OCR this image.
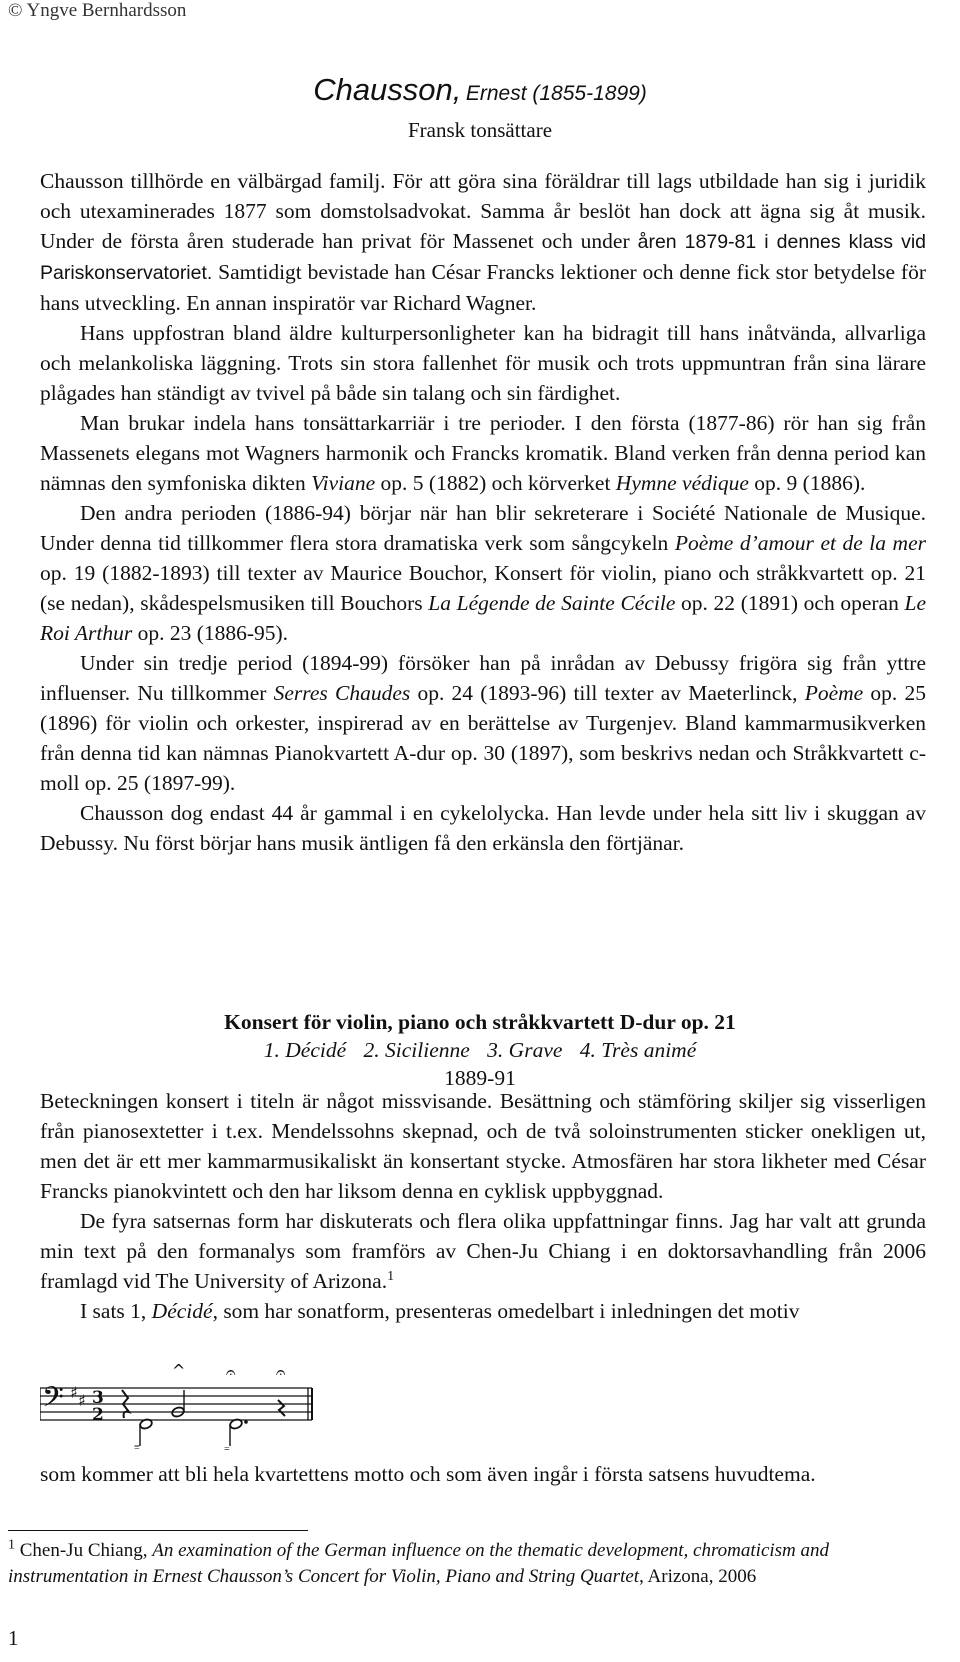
© Yngve Bernhardsson
Chausson, Ernest (1855-1899)
Fransk tonsättare

Chausson tillhörde en välbärgad familj. För att göra sina föräldrar till lags utbildade han sig i juridik och utexaminerades 1877 som domstolsadvokat. Samma år beslöt han dock att ägna sig åt musik. Under de första åren studerade han privat för Massenet och under åren 1879-81 i dennes klass vid Pariskonservatoriet. Samtidigt bevistade han César Francks lektioner och denne fick stor betydelse för hans utveckling. En annan inspiratör var Richard Wagner.

Hans uppfostran bland äldre kulturpersonligheter kan ha bidragit till hans inåtvända, allvarliga och melankoliska läggning. Trots sin stora fallenhet för musik och trots uppmuntran från sina lärare plågades han ständigt av tvivel på både sin talang och sin färdighet.

Man brukar indela hans tonsättarkarriär i tre perioder. I den första (1877-86) rör han sig från Massenets elegans mot Wagners harmonik och Francks kromatik. Bland verken från denna period kan nämnas den symfoniska dikten Viviane op. 5 (1882) och körverket Hymne védique op. 9 (1886).

Den andra perioden (1886-94) börjar när han blir sekreterare i Société Nationale de Musique. Under denna tid tillkommer flera stora dramatiska verk som sångcykeln Poème d’amour et de la mer op. 19 (1882-1893) till texter av Maurice Bouchor, Konsert för violin, piano och stråkkvartett op. 21 (se nedan), skådespelsmusiken till Bouchors La Légende de Sainte Cécile op. 22 (1891) och operan Le Roi Arthur op. 23 (1886-95).

Under sin tredje period (1894-99) försöker han på inrådan av Debussy frigöra sig från yttre influenser. Nu tillkommer Serres Chaudes op. 24 (1893-96) till texter av Maeterlinck, Poème op. 25 (1896) för violin och orkester, inspirerad av en berättelse av Turgenjev. Bland kammarmusikverken från denna tid kan nämnas Pianokvartett A-dur op. 30 (1897), som beskrivs nedan och Stråkkvartett c-moll op. 25 (1897-99).

Chausson dog endast 44 år gammal i en cykelolycka. Han levde under hela sitt liv i skuggan av Debussy. Nu först börjar hans musik äntligen få den erkänsla den förtjänar.

Konsert för violin, piano och stråkkvartett D-dur op. 21
1. Décidé 2. Sicilienne 3. Grave 4. Très animé
1889-91

Beteckningen konsert i titeln är något missvisande. Besättning och stämföring skiljer sig visserligen från pianosextetter i t.ex. Mendelssohns skepnad, och de två soloinstrumenten sticker onekligen ut, men det är ett mer kammarmusikaliskt än konsertant stycke. Atmosfären har stora likheter med César Francks pianokvintett och den har liksom denna en cyklisk uppbyggnad.

De fyra satsernas form har diskuterats och flera olika uppfattningar finns. Jag har valt att grunda min text på den formanalys som framförs av Chen-Ju Chiang i en doktorsavhandling från 2006 framlagd vid The University of Arizona.$^1$

I sats 1, Décidé, som har sonatform, presenteras omedelbart i inledningen det motiv

𝄢 ♯ ♯ 3
2
≡
^
=
𝄐 𝄐
som kommer att bli hela kvartettens motto och som även ingår i första satsens huvudtema.
$^1$ Chen-Ju Chiang, An examination of the German influence on the thematic development, chromaticism and instrumentation in Ernest Chausson’s Concert for Violin, Piano and String Quartet, Arizona, 2006
1
